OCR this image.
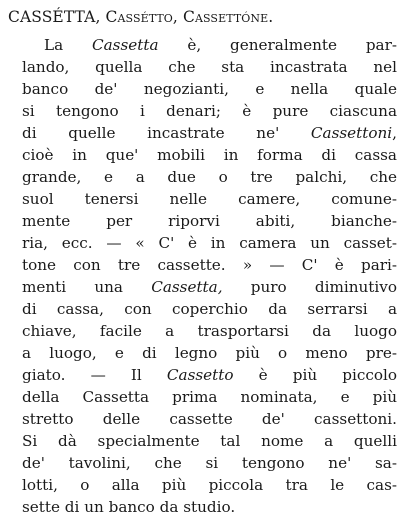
CASSÉTTA, Cassétto, Cassettóne.
La Cassetta è, generalmente par-
lando, quella che sta incastrata nel
banco de' negozianti, e nella quale
si tengono i denari; è pure ciascuna
di quelle incastrate ne' Cassettoni,
cioè in que' mobili in forma di cassa
grande, e a due o tre palchi, che
suol tenersi nelle camere, comune-
mente per riporvi abiti, bianche-
ria, ecc. — « C' è in camera un casset-
tone con tre cassette. » — C' è pari-
menti una Cassetta, puro diminutivo
di cassa, con coperchio da serrarsi a
chiave, facile a trasportarsi da luogo
a luogo, e di legno più o meno pre-
giato. — Il Cassetto è più piccolo
della Cassetta prima nominata, e più
stretto delle cassette de' cassettoni.
Si dà specialmente tal nome a quelli
de' tavolini, che si tengono ne' sa-
lotti, o alla più piccola tra le cas-
sette di un banco da studio.
